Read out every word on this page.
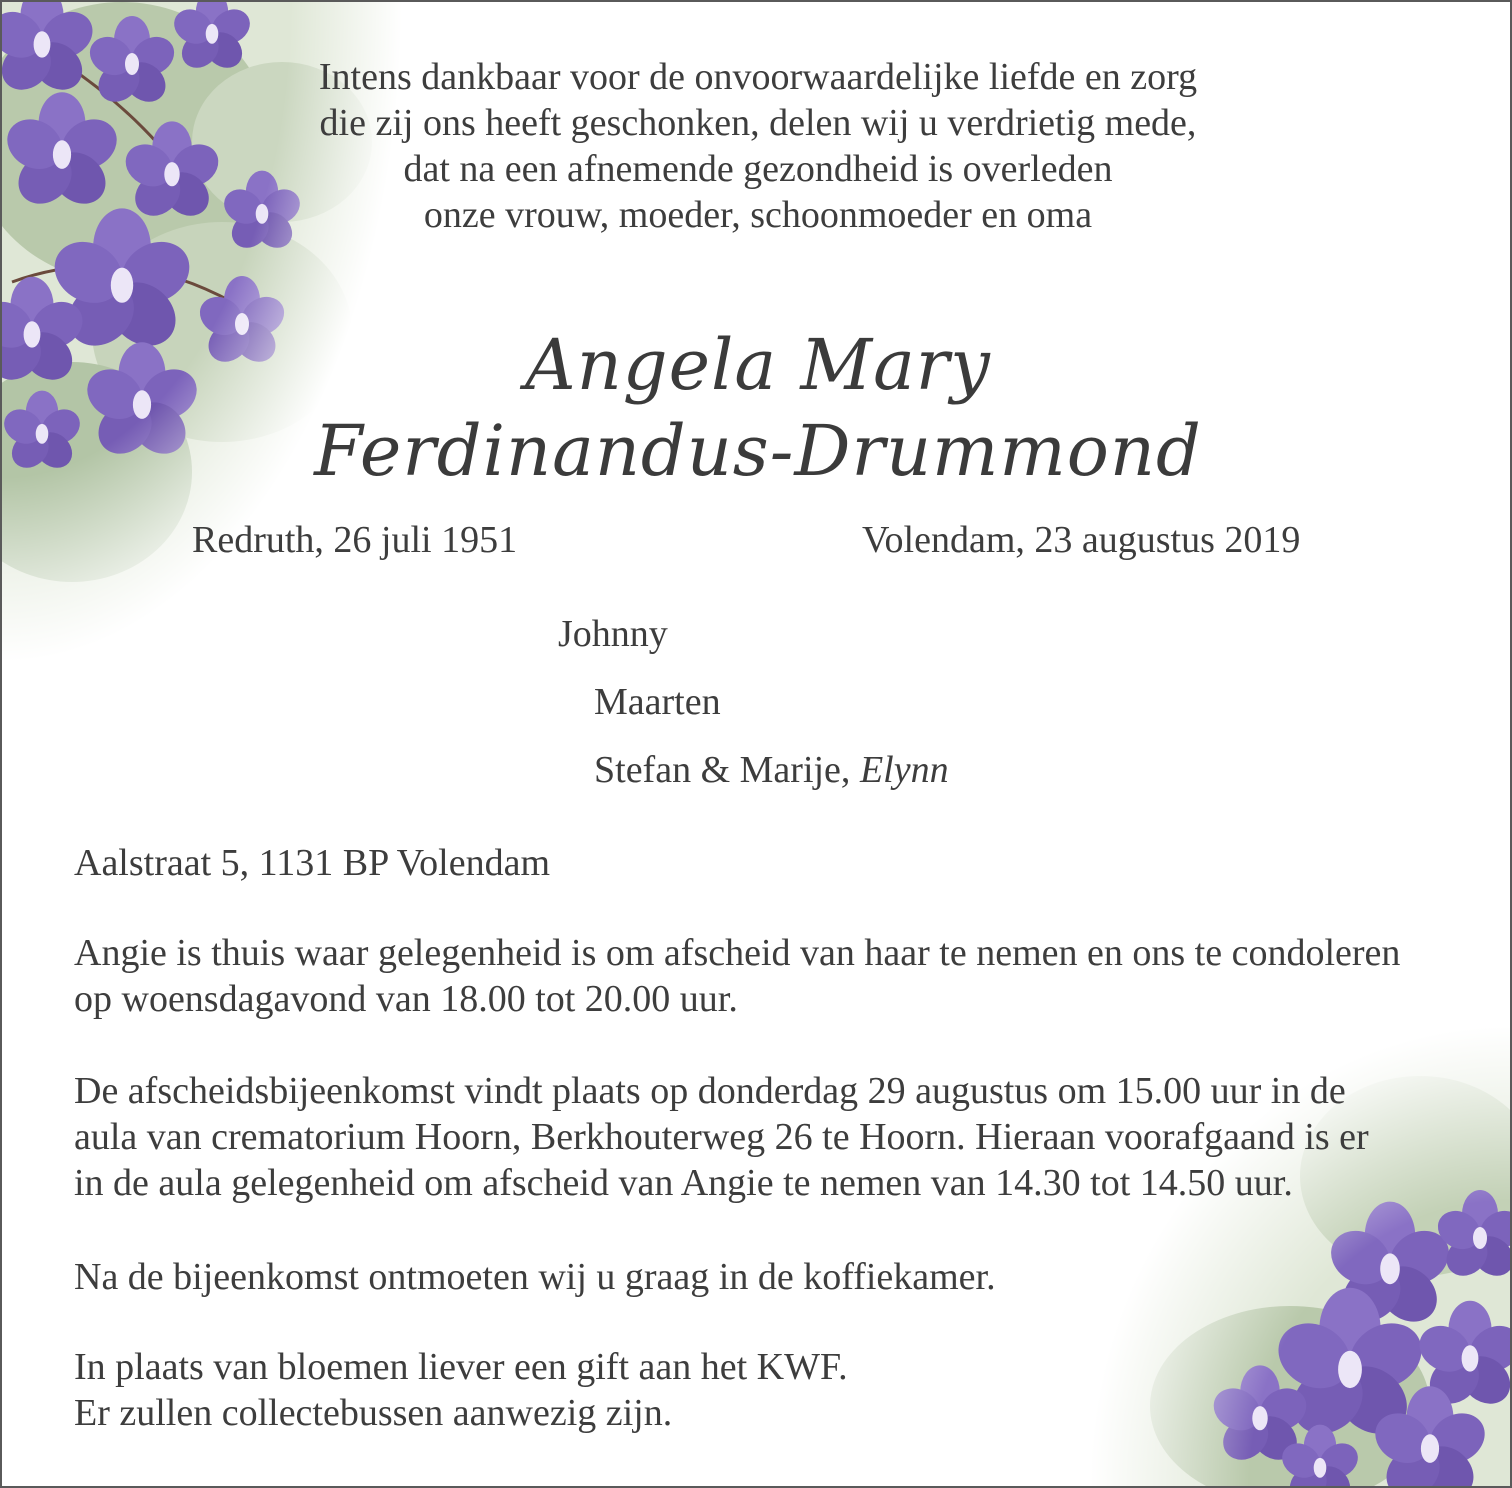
Intens dankbaar voor de onvoorwaardelijke liefde en zorg
die zij ons heeft geschonken, delen wij u verdrietig mede,
dat na een afnemende gezondheid is overleden
onze vrouw, moeder, schoonmoeder en oma
Angela Mary
Ferdinandus-Drummond
Redruth, 26 juli 1951	Volendam, 23 augustus 2019
Johnny
Maarten
Stefan & Marije, Elynn
Aalstraat 5, 1131 BP Volendam
Angie is thuis waar gelegenheid is om afscheid van haar te nemen en ons te condoleren
op woensdagavond van 18.00 tot 20.00 uur.
De afscheidsbijeenkomst vindt plaats op donderdag 29 augustus om 15.00 uur in de
aula van crematorium Hoorn, Berkhouterweg 26 te Hoorn. Hieraan voorafgaand is er
in de aula gelegenheid om afscheid van Angie te nemen van 14.30 tot 14.50 uur.
Na de bijeenkomst ontmoeten wij u graag in de koffiekamer.
In plaats van bloemen liever een gift aan het KWF.
Er zullen collectebussen aanwezig zijn.
